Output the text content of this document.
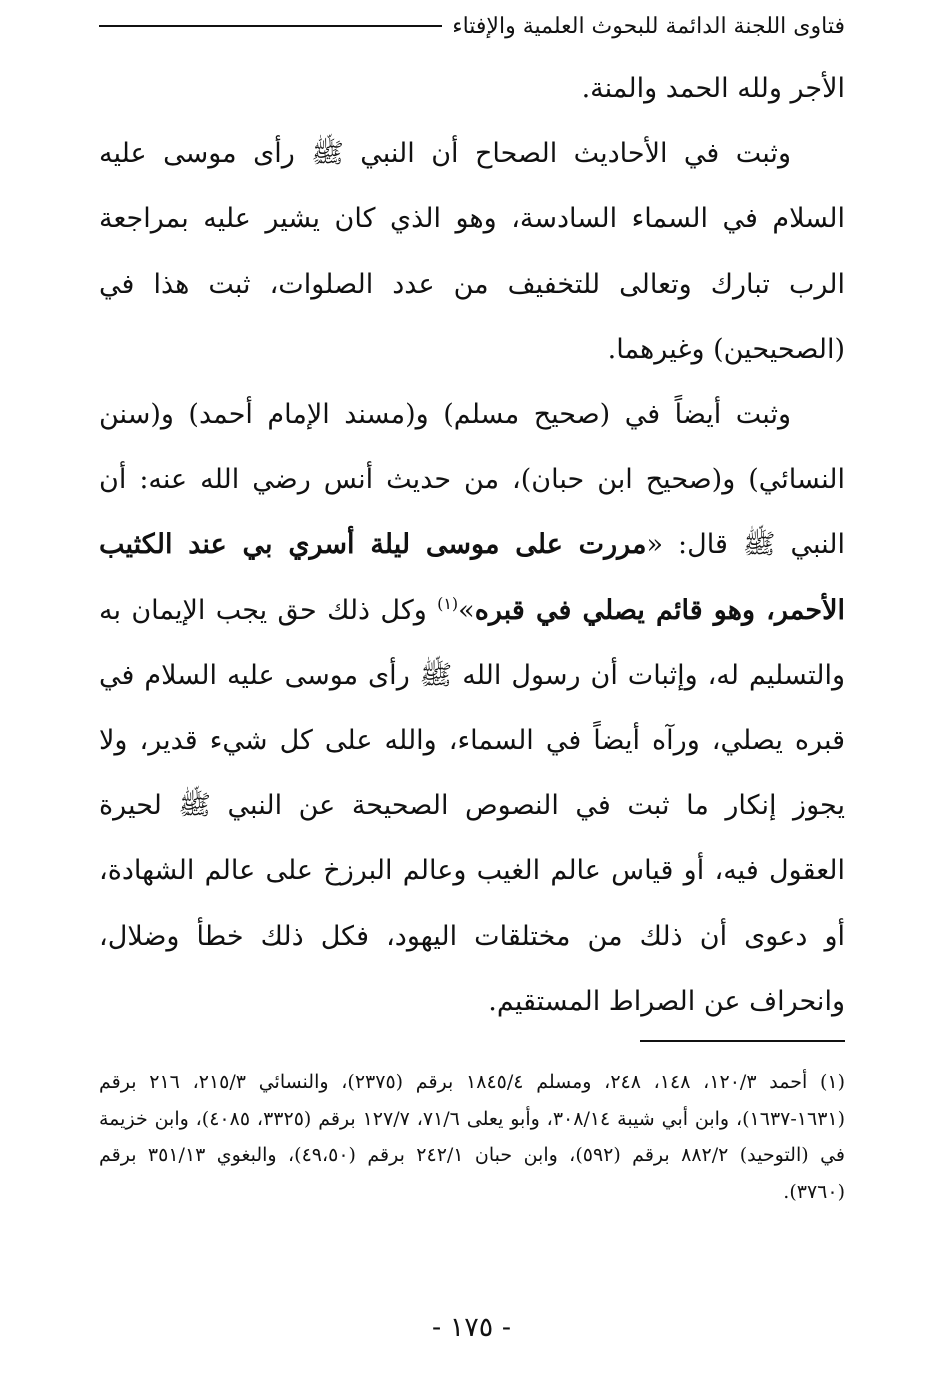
فتاوى اللجنة الدائمة للبحوث العلمية والإفتاء

الأجر ولله الحمد والمنة.

وثبت في الأحاديث الصحاح أن النبي ﷺ رأى موسى عليه السلام في السماء السادسة، وهو الذي كان يشير عليه بمراجعة الرب تبارك وتعالى للتخفيف من عدد الصلوات، ثبت هذا في (الصحيحين) وغيرهما.

وثبت أيضاً في (صحيح مسلم) و(مسند الإمام أحمد) و(سنن النسائي) و(صحيح ابن حبان)، من حديث أنس رضي الله عنه: أن النبي ﷺ قال: «مررت على موسى ليلة أسري بي عند الكثيب الأحمر، وهو قائم يصلي في قبره»$^{(١)}$ وكل ذلك حق يجب الإيمان به والتسليم له، وإثبات أن رسول الله ﷺ رأى موسى عليه السلام في قبره يصلي، ورآه أيضاً في السماء، والله على كل شيء قدير، ولا يجوز إنكار ما ثبت في النصوص الصحيحة عن النبي ﷺ لحيرة العقول فيه، أو قياس عالم الغيب وعالم البرزخ على عالم الشهادة، أو دعوى أن ذلك من مختلقات اليهود، فكل ذلك خطأ وضلال، وانحراف عن الصراط المستقيم.

(١) أحمد ١٢٠/٣، ١٤٨، ٢٤٨، ومسلم ١٨٤٥/٤ برقم (٢٣٧٥)، والنسائي ٢١٥/٣، ٢١٦ برقم (١٦٣١-١٦٣٧)، وابن أبي شيبة ٣٠٨/١٤، وأبو يعلى ٧١/٦، ١٢٧/٧ برقم (٣٣٢٥، ٤٠٨٥)، وابن خزيمة في (التوحيد) ٨٨٢/٢ برقم (٥٩٢)، وابن حبان ٢٤٢/١ برقم (٤٩،٥٠)، والبغوي ٣٥١/١٣ برقم (٣٧٦٠).

- ١٧٥ -
